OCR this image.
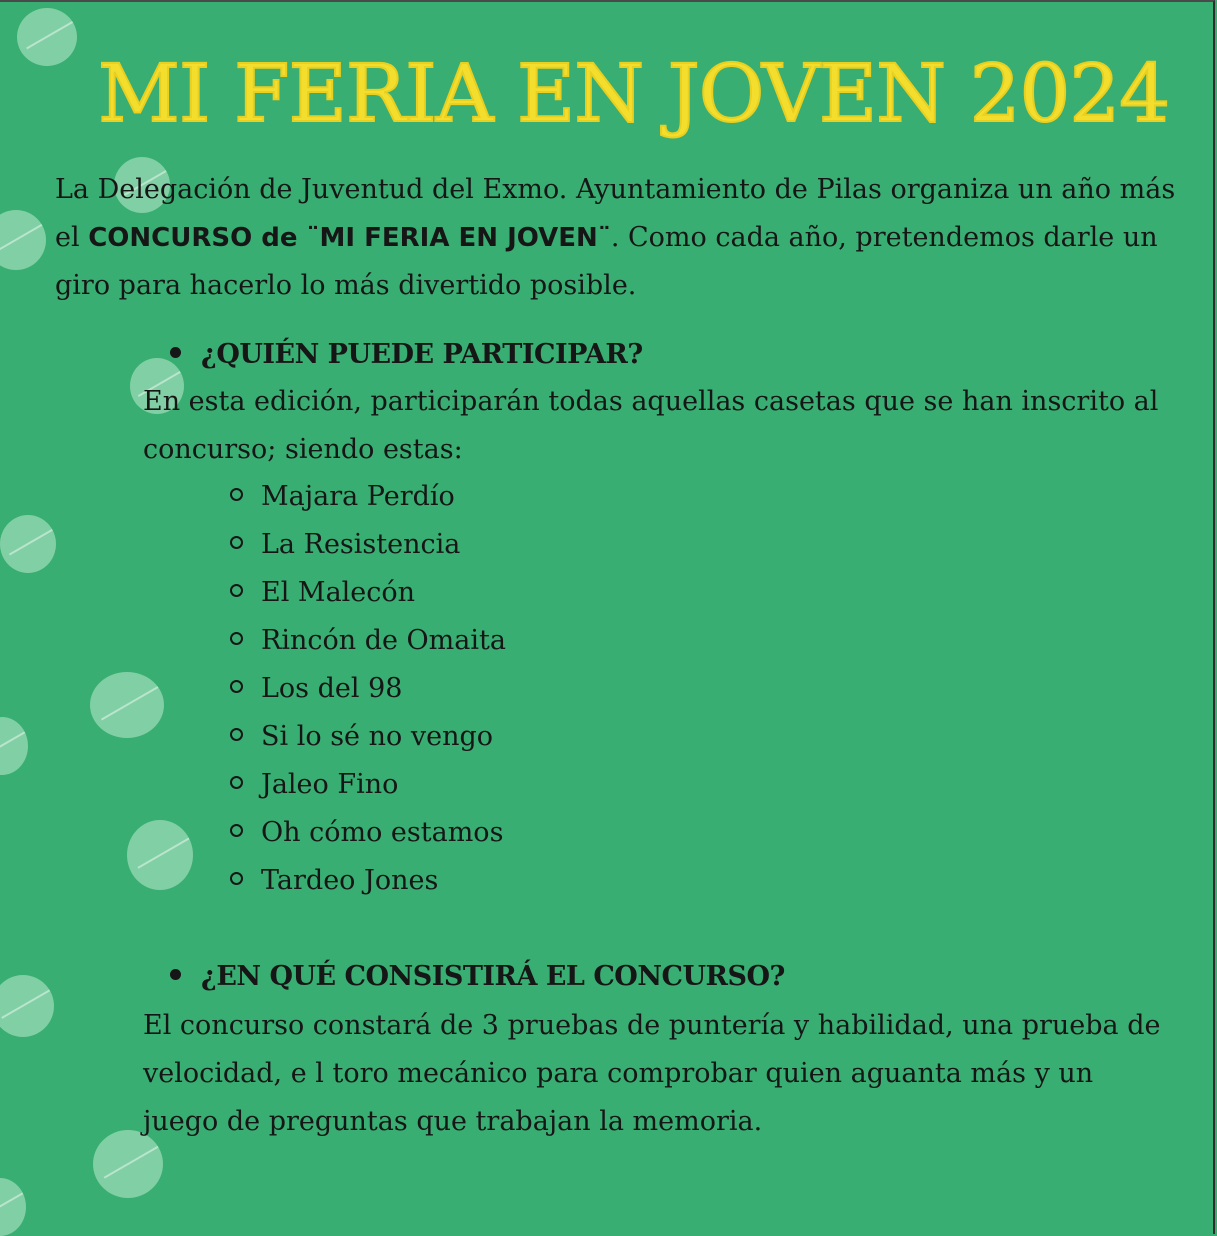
MI FERIA EN JOVEN 2024
La Delegación de Juventud del Exmo. Ayuntamiento de Pilas organiza un año más el CONCURSO de ¨MI FERIA EN JOVEN¨. Como cada año, pretendemos darle un giro para hacerlo lo más divertido posible.
¿QUIÉN PUEDE PARTICIPAR?
En esta edición, participarán todas aquellas casetas que se han inscrito al concurso; siendo estas:
Majara Perdío
La Resistencia
El Malecón
Rincón de Omaita
Los del 98
Si lo sé no vengo
Jaleo Fino
Oh cómo estamos
Tardeo Jones
¿EN QUÉ CONSISTIRÁ EL CONCURSO?
El concurso constará de 3 pruebas de puntería y habilidad, una prueba de velocidad, e l toro mecánico para comprobar quien aguanta más y un juego de preguntas que trabajan la memoria.
